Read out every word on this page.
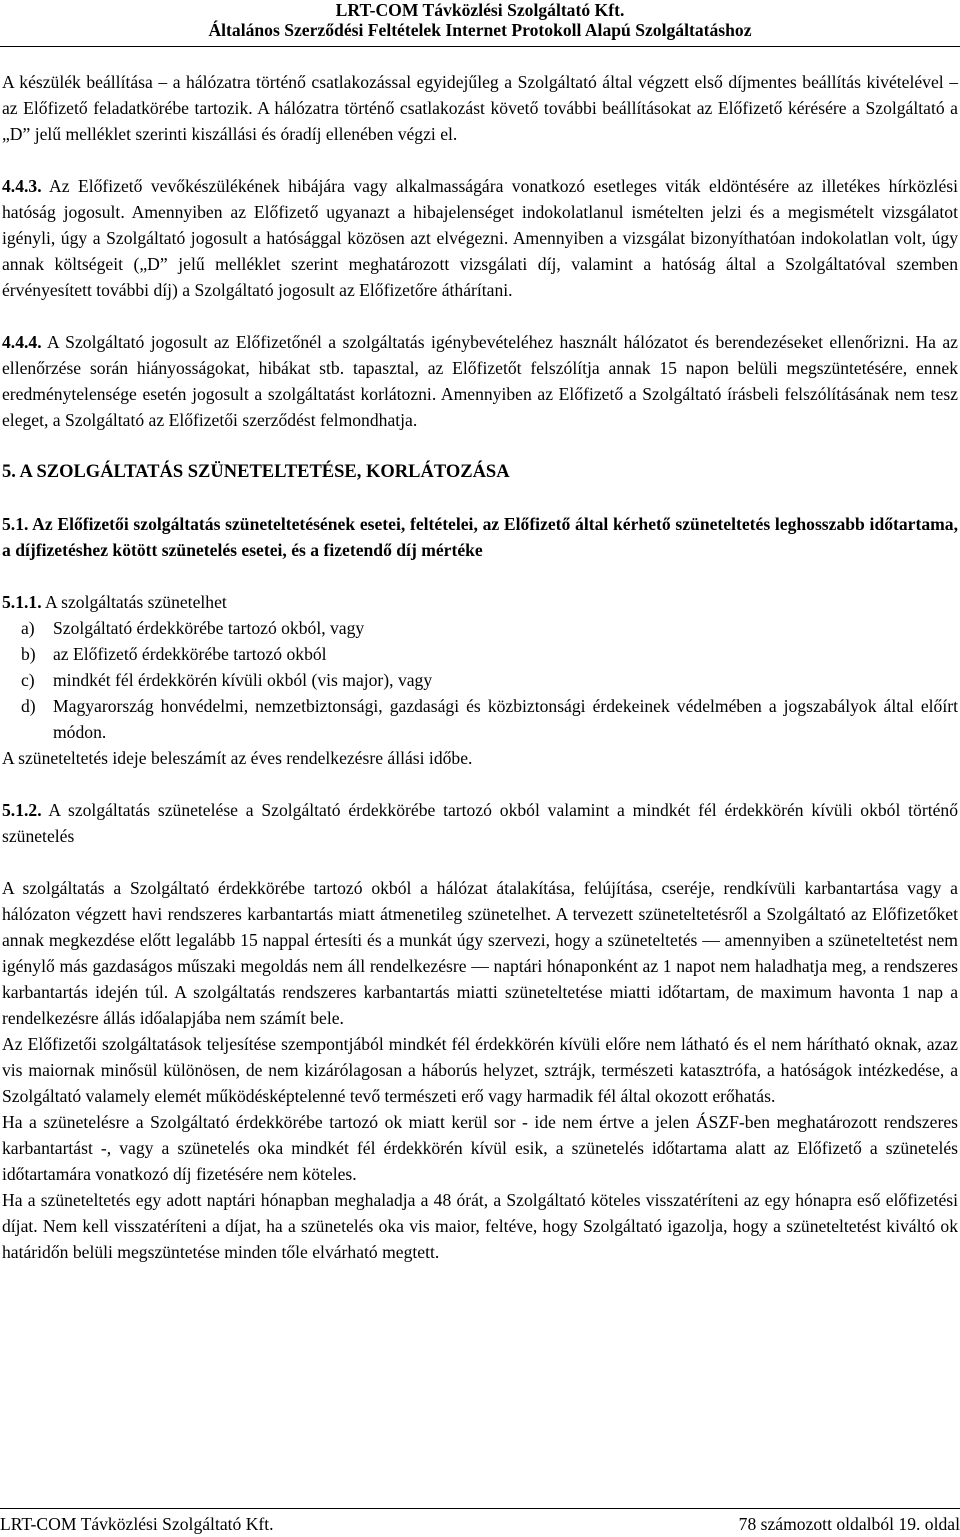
LRT-COM Távközlési Szolgáltató Kft.
Általános Szerződési Feltételek Internet Protokoll Alapú Szolgáltatáshoz

A készülék beállítása – a hálózatra történő csatlakozással egyidejűleg a Szolgáltató által végzett első díjmentes beállítás kivételével – az Előfizető feladatkörébe tartozik. A hálózatra történő csatlakozást követő további beállításokat az Előfizető kérésére a Szolgáltató a „D” jelű melléklet szerinti kiszállási és óradíj ellenében végzi el.

4.4.3. Az Előfizető vevőkészülékének hibájára vagy alkalmasságára vonatkozó esetleges viták eldöntésére az illetékes hírközlési hatóság jogosult. Amennyiben az Előfizető ugyanazt a hibajelenséget indokolatlanul ismételten jelzi és a megismételt vizsgálatot igényli, úgy a Szolgáltató jogosult a hatósággal közösen azt elvégezni. Amennyiben a vizsgálat bizonyíthatóan indokolatlan volt, úgy annak költségeit („D” jelű melléklet szerint meghatározott vizsgálati díj, valamint a hatóság által a Szolgáltatóval szemben érvényesített további díj) a Szolgáltató jogosult az Előfizetőre áthárítani.

4.4.4. A Szolgáltató jogosult az Előfizetőnél a szolgáltatás igénybevételéhez használt hálózatot és berendezéseket ellenőrizni. Ha az ellenőrzése során hiányosságokat, hibákat stb. tapasztal, az Előfizetőt felszólítja annak 15 napon belüli megszüntetésére, ennek eredménytelensége esetén jogosult a szolgáltatást korlátozni. Amennyiben az Előfizető a Szolgáltató írásbeli felszólításának nem tesz eleget, a Szolgáltató az Előfizetői szerződést felmondhatja.

5. A SZOLGÁLTATÁS SZÜNETELTETÉSE, KORLÁTOZÁSA

5.1. Az Előfizetői szolgáltatás szüneteltetésének esetei, feltételei, az Előfizető által kérhető szüneteltetés leghosszabb időtartama, a díjfizetéshez kötött szünetelés esetei, és a fizetendő díj mértéke

5.1.1. A szolgáltatás szünetelhet

a) Szolgáltató érdekkörébe tartozó okból, vagy
b) az Előfizető érdekkörébe tartozó okból
c) mindkét fél érdekkörén kívüli okból (vis major), vagy
d) Magyarország honvédelmi, nemzetbiztonsági, gazdasági és közbiztonsági érdekeinek védelmében a jogszabályok által előírt módon.

A szüneteltetés ideje beleszámít az éves rendelkezésre állási időbe.

5.1.2. A szolgáltatás szünetelése a Szolgáltató érdekkörébe tartozó okból valamint a mindkét fél érdekkörén kívüli okból történő szünetelés

A szolgáltatás a Szolgáltató érdekkörébe tartozó okból a hálózat átalakítása, felújítása, cseréje, rendkívüli karbantartása vagy a hálózaton végzett havi rendszeres karbantartás miatt átmenetileg szünetelhet. A tervezett szüneteltetésről a Szolgáltató az Előfizetőket annak megkezdése előtt legalább 15 nappal értesíti és a munkát úgy szervezi, hogy a szüneteltetés ― amennyiben a szüneteltetést nem igénylő más gazdaságos műszaki megoldás nem áll rendelkezésre ― naptári hónaponként az 1 napot nem haladhatja meg, a rendszeres karbantartás idején túl. A szolgáltatás rendszeres karbantartás miatti szüneteltetése miatti időtartam, de maximum havonta 1 nap a rendelkezésre állás időalapjába nem számít bele.

Az Előfizetői szolgáltatások teljesítése szempontjából mindkét fél érdekkörén kívüli előre nem látható és el nem hárítható oknak, azaz vis maiornak minősül különösen, de nem kizárólagosan a háborús helyzet, sztrájk, természeti katasztrófa, a hatóságok intézkedése, a Szolgáltató valamely elemét működésképtelenné tevő természeti erő vagy harmadik fél által okozott erőhatás.

Ha a szünetelésre a Szolgáltató érdekkörébe tartozó ok miatt kerül sor - ide nem értve a jelen ÁSZF-ben meghatározott rendszeres karbantartást -, vagy a szünetelés oka mindkét fél érdekkörén kívül esik, a szünetelés időtartama alatt az Előfizető a szünetelés időtartamára vonatkozó díj fizetésére nem köteles.

Ha a szüneteltetés egy adott naptári hónapban meghaladja a 48 órát, a Szolgáltató köteles visszatéríteni az egy hónapra eső előfizetési díjat. Nem kell visszatéríteni a díjat, ha a szünetelés oka vis maior, feltéve, hogy Szolgáltató igazolja, hogy a szüneteltetést kiváltó ok határidőn belüli megszüntetése minden tőle elvárható megtett.

LRT-COM Távközlési Szolgáltató Kft.	78 számozott oldalból 19. oldal
